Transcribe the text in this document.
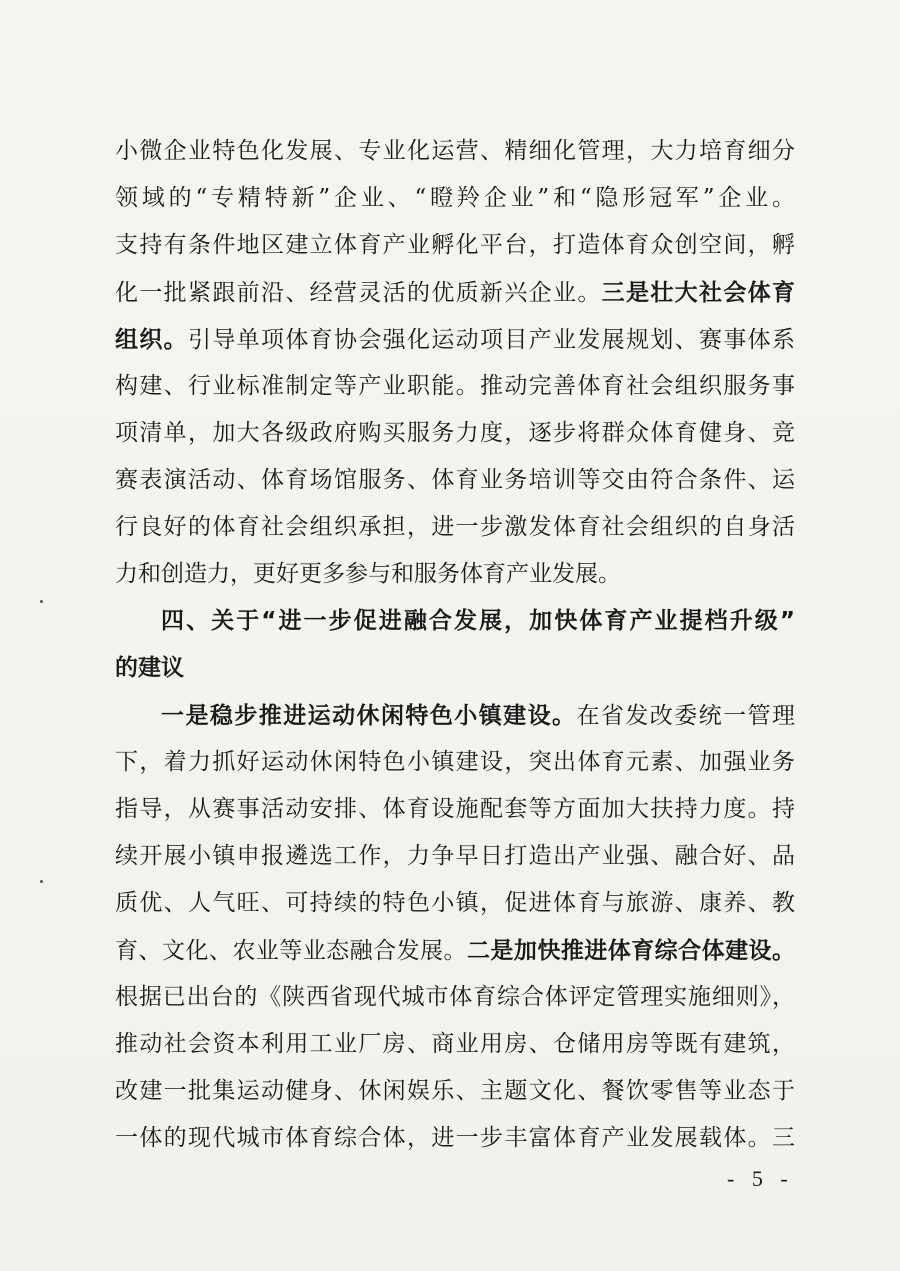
小微企业特色化发展、专业化运营、精细化管理，大力培育细分
领域的“专精特新”企业、“瞪羚企业”和“隐形冠军”企业。
支持有条件地区建立体育产业孵化平台，打造体育众创空间，孵
化一批紧跟前沿、经营灵活的优质新兴企业。三是壮大社会体育
组织。引导单项体育协会强化运动项目产业发展规划、赛事体系
构建、行业标准制定等产业职能。推动完善体育社会组织服务事
项清单，加大各级政府购买服务力度，逐步将群众体育健身、竞
赛表演活动、体育场馆服务、体育业务培训等交由符合条件、运
行良好的体育社会组织承担，进一步激发体育社会组织的自身活
力和创造力，更好更多参与和服务体育产业发展。
四、关于“进一步促进融合发展，加快体育产业提档升级”
的建议
一是稳步推进运动休闲特色小镇建设。在省发改委统一管理
下，着力抓好运动休闲特色小镇建设，突出体育元素、加强业务
指导，从赛事活动安排、体育设施配套等方面加大扶持力度。持
续开展小镇申报遴选工作，力争早日打造出产业强、融合好、品
质优、人气旺、可持续的特色小镇，促进体育与旅游、康养、教
育、文化、农业等业态融合发展。二是加快推进体育综合体建设。
根据已出台的《陕西省现代城市体育综合体评定管理实施细则》，
推动社会资本利用工业厂房、商业用房、仓储用房等既有建筑，
改建一批集运动健身、休闲娱乐、主题文化、餐饮零售等业态于
一体的现代城市体育综合体，进一步丰富体育产业发展载体。三
- 5 -
